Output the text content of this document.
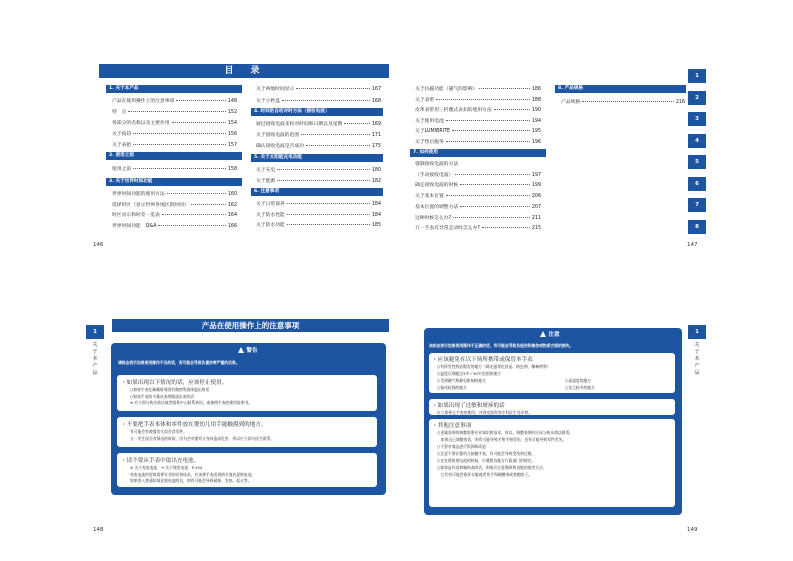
目　录
1. 关于本产品
产品在使用操作上的注意事项	148
特　点	152
各部分的名称以及主要作用	154
关于按钮	156
关于表把	157
2. 使用之前
使用之前	158
3. 关于世界时间功能
世界时间功能的使用方法	160
选择时区（显示世界各地区的时间）	162
时区显示和时差一览表	164
世界时间功能　Q&A	166
关于两地时间显示	167
关于小秒盘	168
4. 时间的自动对时方法（接收电波）
通过接收电波来校对时间和日期以及星期	169
关于接收电波的范围	171
确认接收电波是否成功	175
5. 关于太阳能充电功能
关于充电	180
关于能源	182
6. 注意事项
关于日常保养	184
关于防水性能	184
关于防水功能	185
146
关于抗磁功能（磁气的影响）	186
关于表带	188
皮革表带用三折叠式表扣的使用方法	190
关于使用电池	194
关于LUMIBRITE	195
关于售后服务	196
7. 如何使用
强制接收电波的方法
（手动接收电波）	197
确定接收电波的时候	199
关于基本位置	206
基本位置的调整方法	207
这种时候怎么办?	211
万一手表有异常走动时怎么办?	215
8. 产品规格
产品规格	216
1
2
3
4
5
6
7
8
147
1
关
于
本
产
品
产品在使用操作上的注意事项
警告
请标志表示如果使用操作不当的话，有可能会导致负重伤等严重的后果。
・如果出现以下情况的话，应该停止使用。
○如果手表在佩戴时周围有腐蚀等液体溢出的话
○如果手表的卡簧从表带脱落出来的话
※ 应立即与购买商店或者服务中心联系询问，或参照手表的使用说明书。
・不要把手表本体和零件放在婴幼儿用手能触摸到的地方。
有可能会有被婴幼儿误吞食零件。
万一发生误吞食情况的时候，因为会对婴幼儿身体造成危害，所以应立即与医生联系。
・请不要从手表中取出充电池。
※ 关于充电电池　→ 关于使用电池　P.194
充电电池的更换需要专业知识和技术，应该将手表送到购买商店更换电池。
如果误入普通的氧化银电池的话，则有可能会导致破损、发热、起火等。
148
1
关
于
本
产
品
注意
该标志表示如果使用操作不正确的话，有可能会导致负轻伤和损伤或物质方面的损失。
・应该避免在以下场所携带或保管本手表
○有挥发性药品散发的地方（除光液等化妆品、防虫剂、稀释剂等）
○温度长期超过5℃~35℃范围的地方
○受到磁气和静电影响的地方
○振动较强的地方
○高湿度的地方
○灰尘较多的地方
・如果出现了过敏和斑疹的话
应立即停止手表的使用，并到皮肤科等专科医生处诊察。
・其他注意事项
○金属表带的调整需要专业知识和技术，所以，调整表带时应该与购买商店联系。
　如果自己调整的话，则有可能导致手和手指受伤，也有可能导致零件丢失。
○不要对商品进行拆卸和改造
○注意不要让婴幼儿接触手表，有可能会导致受伤和过敏。
○在处理用废电池的时候，应遵照各地方行政部门的规定。
○如果是怀表和胸饰表的话，则或应注意绳带和表链的使用方法，
　它们有可能会损坏衣服或者伤手和细腰带或者勒脖子。
149
